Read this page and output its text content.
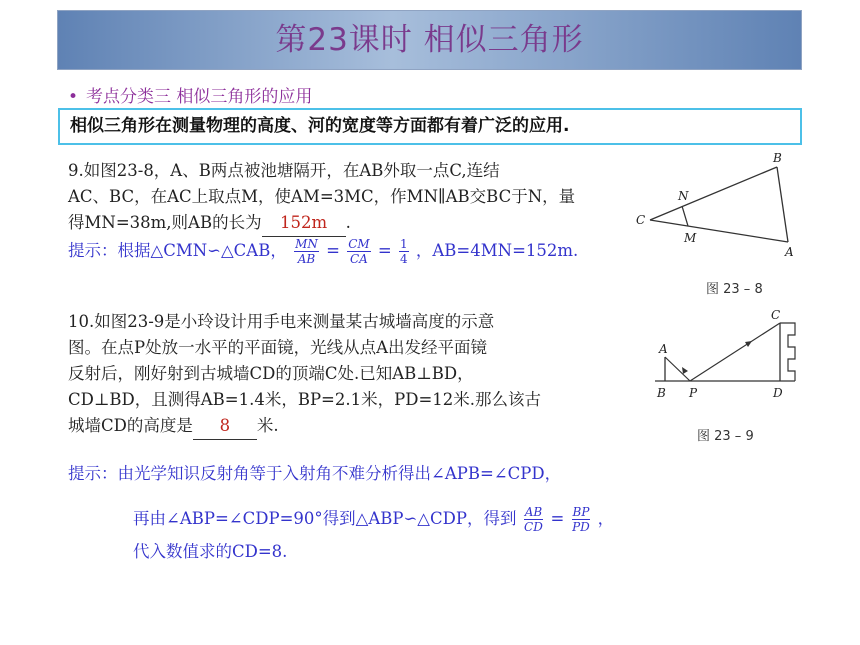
第23课时 相似三角形
• 考点分类三 相似三角形的应用
相似三角形在测量物理的高度、河的宽度等方面都有着广泛的应用.
9.如图23-8，A、B两点被池塘隔开，在AB外取一点C,连结
AC、BC，在AC上取点M，使AM=3MC，作MN∥AB交BC于N，量
得MN=38m,则AB的长为 152m .
提示：根据△CMN∽△CAB， $\frac{MN}{AB} = \frac{CM}{CA} = \frac{1}{4}$ ，AB=4MN=152m.
B
N
C
M
A
图 23 – 8
10.如图23-9是小玲设计用手电来测量某古城墙高度的示意
图。在点P处放一水平的平面镜，光线从点A出发经平面镜
反射后，刚好射到古城墙CD的顶端C处.已知AB⊥BD，
CD⊥BD，且测得AB=1.4米，BP=2.1米，PD=12米.那么该古
城墙CD的高度是 8 米.
A
B P
C
D
图 23 – 9
提示：由光学知识反射角等于入射角不难分析得出∠APB=∠CPD，
再由∠ABP=∠CDP=90°得到△ABP∽△CDP，得到 $\frac{AB}{CD} = \frac{BP}{PD}$ ，
代入数值求的CD=8.
